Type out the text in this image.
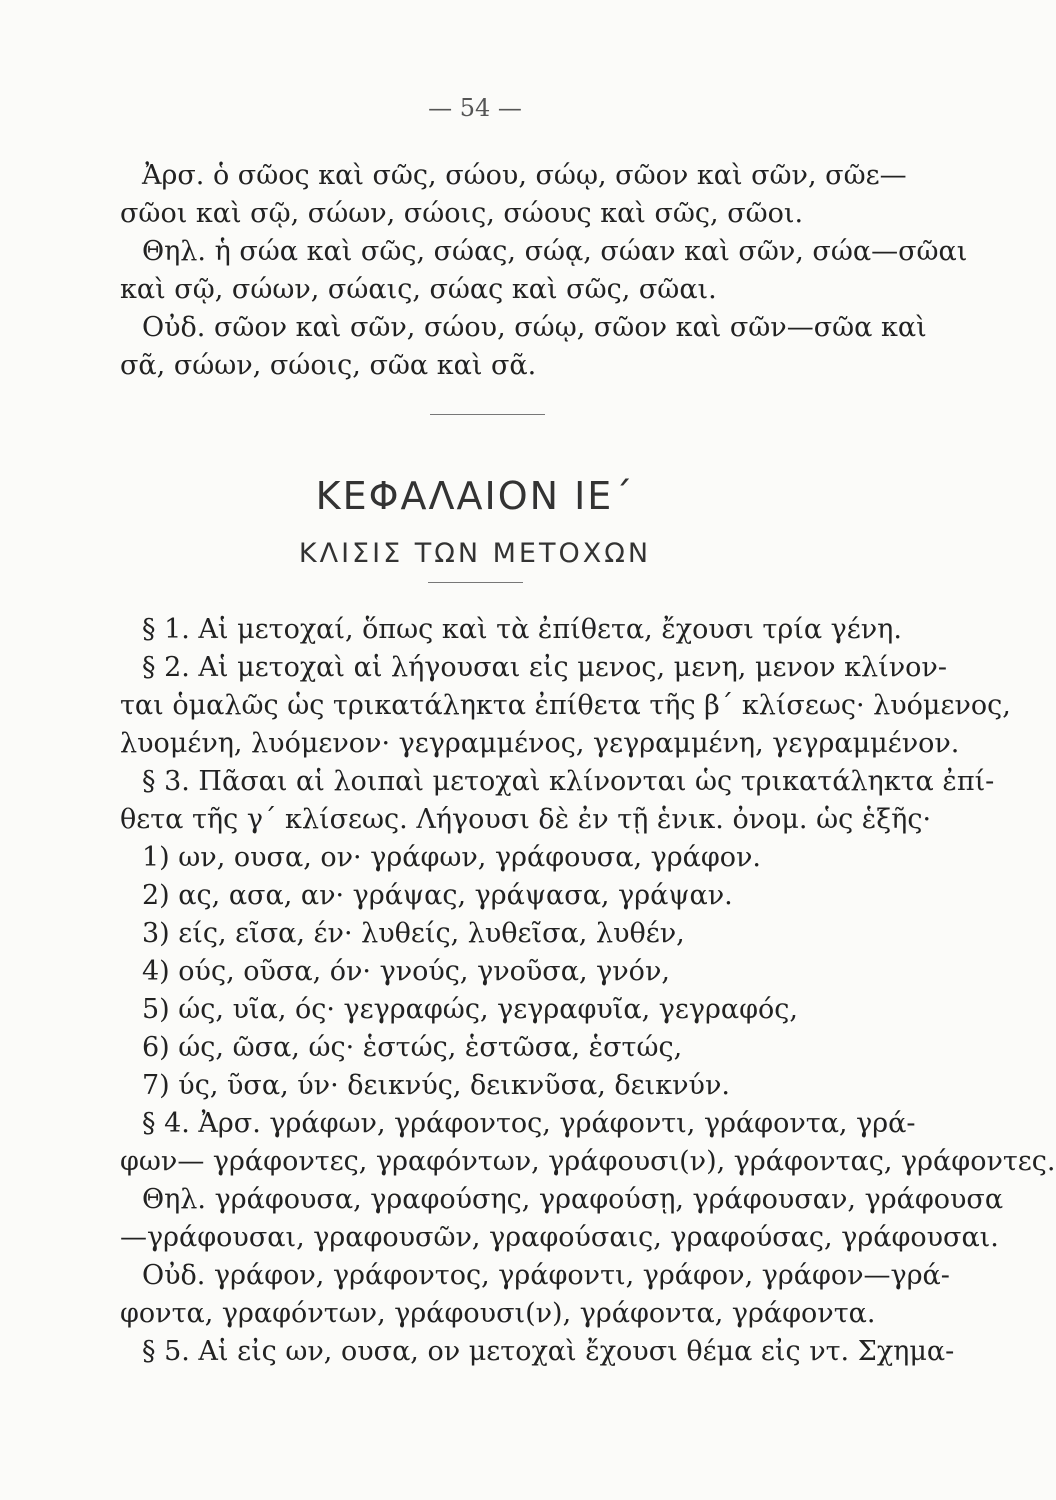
— 54 —
Ἀρσ. ὁ σῶος καὶ σῶς, σώου, σώῳ, σῶον καὶ σῶν, σῶε—
σῶοι καὶ σῷ, σώων, σώοις, σώους καὶ σῶς, σῶοι.
Θηλ. ἡ σώα καὶ σῶς, σώας, σώᾳ, σώαν καὶ σῶν, σώα—σῶαι
καὶ σῷ, σώων, σώαις, σώας καὶ σῶς, σῶαι.
Οὐδ. σῶον καὶ σῶν, σώου, σώῳ, σῶον καὶ σῶν—σῶα καὶ
σᾶ, σώων, σώοις, σῶα καὶ σᾶ.
ΚΕΦΑΛΑΙΟΝ ΙΕ΄
ΚΛΙΣΙΣ ΤΩΝ ΜΕΤΟΧΩΝ
§ 1. Αἱ μετοχαί, ὅπως καὶ τὰ ἐπίθετα, ἔχουσι τρία γένη.
§ 2. Αἱ μετοχαὶ αἱ λήγουσαι εἰς μενος, μενη, μενον κλίνον-
ται ὁμαλῶς ὡς τρικατάληκτα ἐπίθετα τῆς β΄ κλίσεως· λυόμενος,
λυομένη, λυόμενον· γεγραμμένος, γεγραμμένη, γεγραμμένον.
§ 3. Πᾶσαι αἱ λοιπαὶ μετοχαὶ κλίνονται ὡς τρικατάληκτα ἐπί-
θετα τῆς γ΄ κλίσεως. Λήγουσι δὲ ἐν τῇ ἑνικ. ὀνομ. ὡς ἑξῆς·
1) ων, ουσα, ον· γράφων, γράφουσα, γράφον.
2) ας, ασα, αν· γράψας, γράψασα, γράψαν.
3) είς, εῖσα, έν· λυθείς, λυθεῖσα, λυθέν,
4) ούς, οῦσα, όν· γνούς, γνοῦσα, γνόν,
5) ώς, υῖα, ός· γεγραφώς, γεγραφυῖα, γεγραφός,
6) ώς, ῶσα, ώς· ἑστώς, ἑστῶσα, ἑστώς,
7) ύς, ῦσα, ύν· δεικνύς, δεικνῦσα, δεικνύν.
§ 4. Ἀρσ. γράφων, γράφοντος, γράφοντι, γράφοντα, γρά-
φων— γράφοντες, γραφόντων, γράφουσι(ν), γράφοντας, γράφοντες.
Θηλ. γράφουσα, γραφούσης, γραφούσῃ, γράφουσαν, γράφουσα
—γράφουσαι, γραφουσῶν, γραφούσαις, γραφούσας, γράφουσαι.
Οὐδ. γράφον, γράφοντος, γράφοντι, γράφον, γράφον—γρά-
φοντα, γραφόντων, γράφουσι(ν), γράφοντα, γράφοντα.
§ 5. Αἱ εἰς ων, ουσα, ον μετοχαὶ ἔχουσι θέμα εἰς ντ. Σχημα-
